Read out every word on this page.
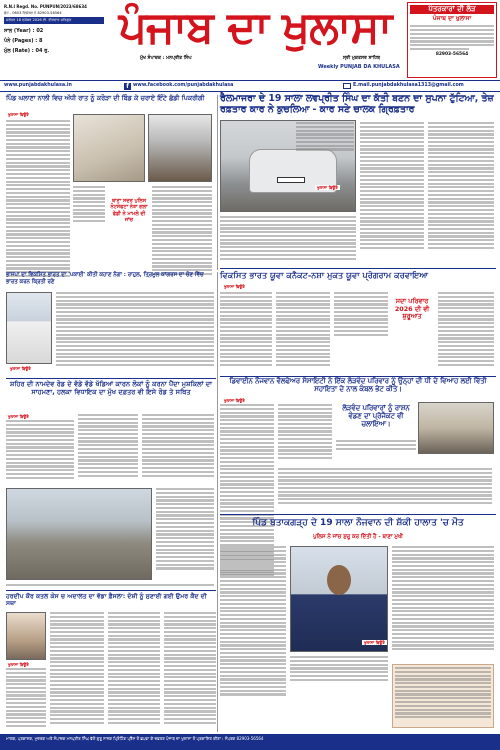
R.N.I Regd. No. PUNPUN/2023/68634
ਡੇਟ - 0603 ਦਿਸੰਬਰ ਨੰ 82903-56564
ਜਲੰਧਰ 18 ਦਸੰਬਰ 2026 ਈ. ਵੀਰਵਾਰ ਸਤਿਗੁਰ
ਸਾਲ (Year) : 02
ਪੰਨੇ (Pages) : 8
ਮੁੱਲ (Rate) : 04 ਰੁ.	ਪੰਜਾਬ ਦਾ ਖੁਲਾਸਾ
ਮੁੱਖ ਸੰਪਾਦਕ : ਮਨਪ੍ਰੀਤ ਸਿੰਘ	ਸ੍ਰੀ ਮੁਕਤਸਰ ਸਾਹਿਬ
Weekly PUNJAB DA KHULASA
ਪੱਤਰਕਾਰਾਂ ਦੀ ਲੋੜ
ਪੰਜਾਬ ਦਾ ਖੁਲਾਸਾ
82903-56564
www.punjabdakhulasa.in	f www.facebook.com/punjabdakhulasa	E.mail.punjabdakhulasa1313@gmail.com
ਪਿੰਡ ਘਲਾਣਾ ਨਾਲੀ ਵਿਚ ਅੱਧੀ ਰਾਤ ਨੂੰ ਕਰੋੜਾ ਦੀ ਬਿੰਡ ਕੇ ਚਰਾਏ ਇੰਟੇ ਛੱਡੀ ਪਿਕਰੀਗੀ
ਖੁਲਾਸਾ ਬਿਊਰੋ
ਥਾਣਾ ਸਦਰ ਪੁਲਿਸ ਨੋਟਸੇਫਟਾ ਨੇਤਾ ਗਲਾ ਫੱਡੀ ਨੇ ਮਾਮਲੇ ਦੀ ਜਾਂਚ
ਰੈਲਮਾਜਰਾ ਦੇ 19 ਸਾਲਾ ਲਵਪ੍ਰੀਤ ਸਿੰਘ ਦਾ ਕੱਤੀ ਬਣਨ ਦਾ ਸੁਪਨਾ ਟੁੱਟਿਆ, ਤੇਜ਼ ਰਫ਼ਤਾਰ ਕਾਰ ਨੇ ਕੁਚਲਿਆ - ਕਾਰ ਸਣੇ ਚਾਲਕ ਗ੍ਰਿਫ਼ਤਾਰ
ਖੁਲਾਸਾ ਬਿਊਰੋ
ਭਾਜਪਾ ਦਾ ਵਿਕਸਿਤ ਭਾਰਤ ਦਾ 'ਪਕਾਈ' ਕੀਤੀ ਕਹਾਣ ਨੰਗਾ : ਰਾਹੁਲ, ਤ੍ਰਿਮੂਲ ਕਾਂਗਰਸ ਦਾ ਚੋਣ ਵਿੱਚ ਭਾਰਤ ਕਰਨ ਕ੍ਰਿਤੀ ਰਣੇ
ਖੁਲਾਸਾ ਬਿਊਰੋ
ਵਿਕਸਿਤ ਭਾਰਤ ਯੂਵਾ ਕਨੈਕਟ-ਨਸ਼ਾ ਮੁਕਤ ਯੂਵਾ ਪ੍ਰੋਗਰਾਮ ਕਰਵਾਇਆ
ਖੁਲਾਸਾ ਬਿਊਰੋ
ਸਦਾ ਪਰਿਵਾਰ 2026 ਦੀ ਵੀ ਸ਼ੁਰੂਆਤ
ਸ਼ਹਿਰ ਦੀ ਨਾਮਦੇਵ ਰੋਡ ਦੇ ਵੱਡੇ ਵੱਡੇ ਖੱਡਿਆਂ ਕਾਰਨ ਲੋਕਾਂ ਨੂੰ ਕਰਨਾ ਪੈਂਦਾ ਮੁਸ਼ਕਿਲਾਂ ਦਾ ਸਾਹਮਣਾ, ਹਲਕਾ ਵਿਧਾਇਕ ਦਾ ਮੁੱਖ ਦਫ਼ਤਰ ਵੀ ਇਸੇ ਰੋਡ ਤੇ ਸਥਿਤ
ਖੁਲਾਸਾ ਬਿਊਰੋ
ਡਿਵਾਈਨ ਨੌਜਵਾਨ ਵੈਲਫੇਅਰ ਸੋਸਾਇਟੀ ਨੇ ਇੱਕ ਲੋੜਵੰਦ ਪਰਿਵਾਰ ਨੂੰ ਉਨ੍ਹਾਂ ਦੀ ਧੀ ਦੇ ਵਿਆਹ ਲਈ ਵਿੱਤੀ ਸਹਾਇਤਾ ਦੇ ਨਾਲ ਕੰਬਲ ਭੇਟ ਕੀਤੇ।
ਖੁਲਾਸਾ ਬਿਊਰੋ
ਲੋੜਵੰਦ ਪਰਿਵਾਰਾਂ ਨੂੰ ਰਾਸ਼ਨ ਵੰਡਣ ਦਾ ਪ੍ਰੋਜੈਕਟ ਵੀ ਚਲਾਇਆ।
ਪਿੰਡ ਬਤਾਕਗੜ੍ਹ ਦੇ 19 ਸਾਲਾ ਨੌਜਵਾਨ ਦੀ ਸ਼ੱਕੀ ਹਾਲਾਤ 'ਚ ਮੌਤ
ਪੁਲਿਸ ਨੇ ਜਾਂਚ ਸ਼ੁਰੂ ਕਰ ਦਿੱਤੀ ਹੈ - ਥਾਣਾ ਮੁਖੀ
ਖੁਲਾਸਾ ਬਿਊਰੋ
ਹਰਦੀਪ ਕੌਰ ਕਤਲ ਕੇਸ ਚ ਅਦਾਲਤ ਦਾ ਵੱਡਾ ਫ਼ੈਸਲਾ: ਦੋਸ਼ੀ ਨੂੰ ਸੁਣਾਈ ਗਈ ਉਮਰ ਕੈਦ ਦੀ ਸਜ਼ਾ
ਖੁਲਾਸਾ ਬਿਊਰੋ
ਮਾਲਕ, ਪ੍ਰਕਾਸ਼ਕ, ਮੁਦਰਕ ਅਤੇ ਸੰਪਾਦਕ ਮਨਪ੍ਰੀਤ ਸਿੰਘ ਵੱਲੋਂ ਗੁਰੂ ਨਾਨਕ ਪ੍ਰਿੰਟਿੰਗ ਪ੍ਰੈੱਸ ਤੋਂ ਛਪਵਾ ਕੇ ਦਫ਼ਤਰ ਪੰਜਾਬ ਦਾ ਖੁਲਾਸਾ ਤੋਂ ਪ੍ਰਕਾਸ਼ਿਤ ਕੀਤਾ। ਸੰਪਰਕ 82903-56564
